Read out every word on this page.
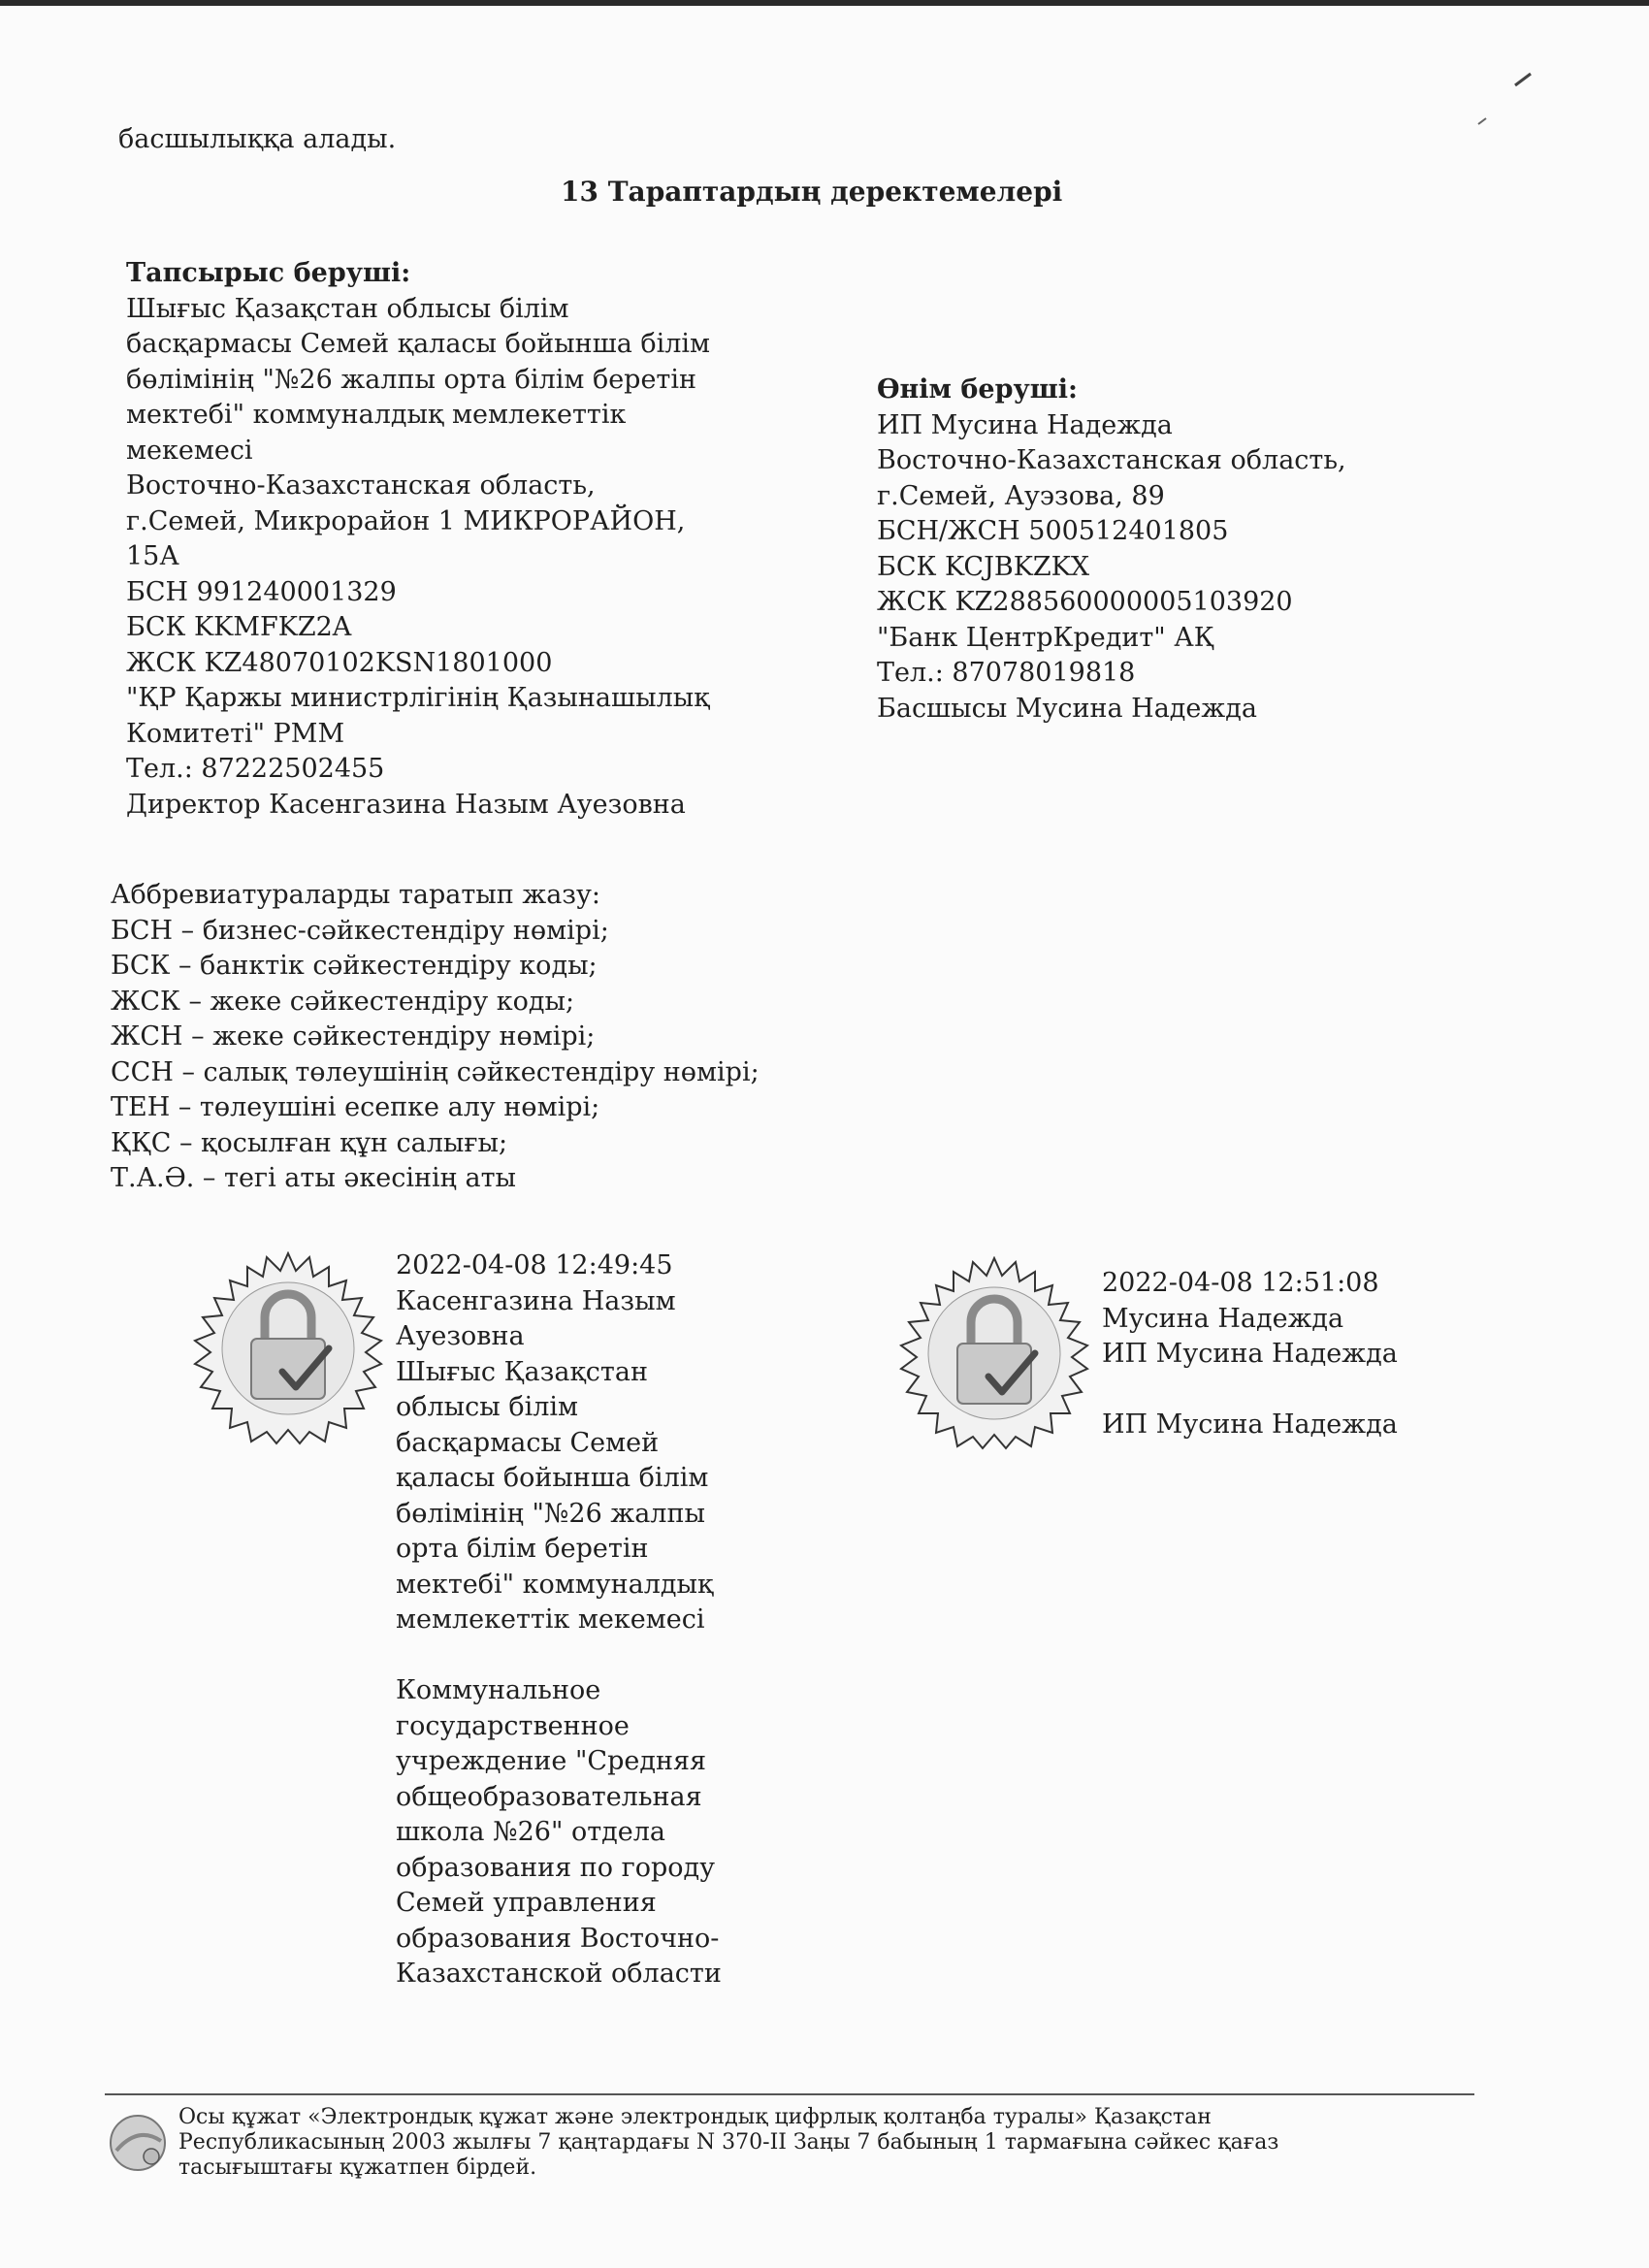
басшылыққа алады.
13 Тараптардың деректемелері
Тапсырыс беруші:
Шығыс Қазақстан облысы білім
басқармасы Семей қаласы бойынша білім
бөлімінің "№26 жалпы орта білім беретін
мектебі" коммуналдық мемлекеттік
мекемесі
Восточно-Казахстанская область,
г.Семей, Микрорайон 1 МИКРОРАЙОН,
15А
БСН 991240001329
БСК KKMFKZ2A
ЖСК KZ48070102KSN1801000
"ҚР Қаржы министрлігінің Қазынашылық
Комитеті" РММ
Тел.: 87222502455
Директор Касенгазина Назым Ауезовна
Өнім беруші:
ИП Мусина Надежда
Восточно-Казахстанская область,
г.Семей, Ауэзова, 89
БСН/ЖСН 500512401805
БСК KCJBKZKX
ЖСК KZ288560000005103920
"Банк ЦентрКредит" АҚ
Тел.: 87078019818
Басшысы Мусина Надежда
Аббревиатураларды таратып жазу:
БСН – бизнес-сәйкестендіру нөмірі;
БСК – банктік сәйкестендіру коды;
ЖСК – жеке сәйкестендіру коды;
ЖСН – жеке сәйкестендіру нөмірі;
ССН – салық төлеушінің сәйкестендіру нөмірі;
ТЕН – төлеушіні есепке алу нөмірі;
ҚҚС – қосылған құн салығы;
Т.А.Ә. – тегі аты әкесінің аты
2022-04-08 12:49:45
Касенгазина Назым
Ауезовна
Шығыс Қазақстан
облысы білім
басқармасы Семей
қаласы бойынша білім
бөлімінің "№26 жалпы
орта білім беретін
мектебі" коммуналдық
мемлекеттік мекемесі

Коммунальное
государственное
учреждение "Средняя
общеобразовательная
школа №26" отдела
образования по городу
Семей управления
образования Восточно-
Казахстанской области
2022-04-08 12:51:08
Мусина Надежда
ИП Мусина Надежда

ИП Мусина Надежда
Осы құжат «Электрондық құжат және электрондық цифрлық қолтаңба туралы» Қазақстан
Республикасының 2003 жылғы 7 қаңтардағы N 370-II Заңы 7 бабының 1 тармағына сәйкес қағаз
тасығыштағы құжатпен бірдей.
